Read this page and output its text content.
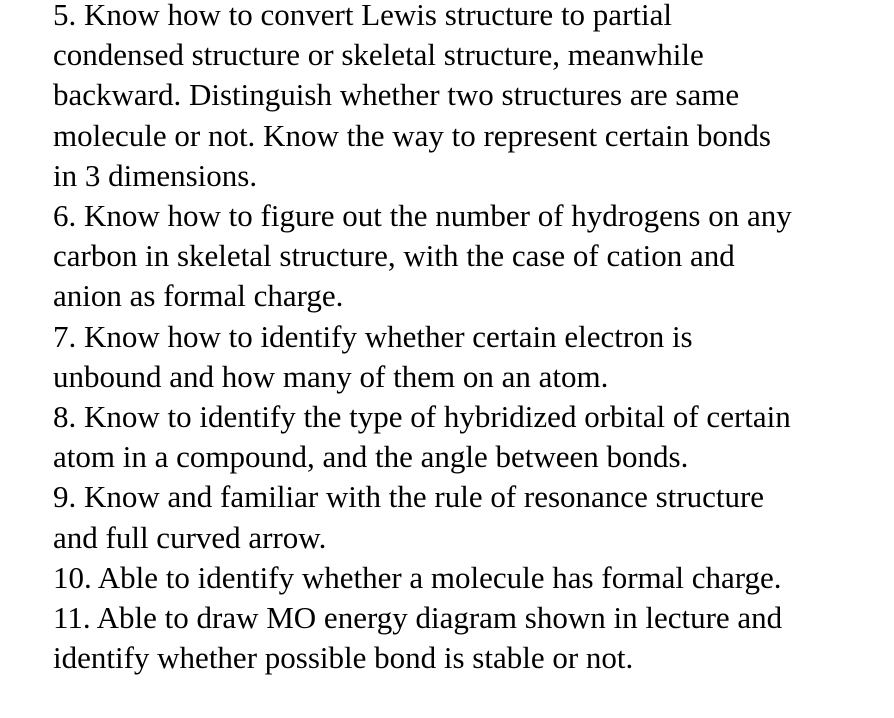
5. Know how to convert Lewis structure to partial
condensed structure or skeletal structure, meanwhile
backward. Distinguish whether two structures are same
molecule or not. Know the way to represent certain bonds
in 3 dimensions.
6. Know how to figure out the number of hydrogens on any
carbon in skeletal structure, with the case of cation and
anion as formal charge.
7. Know how to identify whether certain electron is
unbound and how many of them on an atom.
8. Know to identify the type of hybridized orbital of certain
atom in a compound, and the angle between bonds.
9. Know and familiar with the rule of resonance structure
and full curved arrow.
10. Able to identify whether a molecule has formal charge.
11. Able to draw MO energy diagram shown in lecture and
identify whether possible bond is stable or not.
